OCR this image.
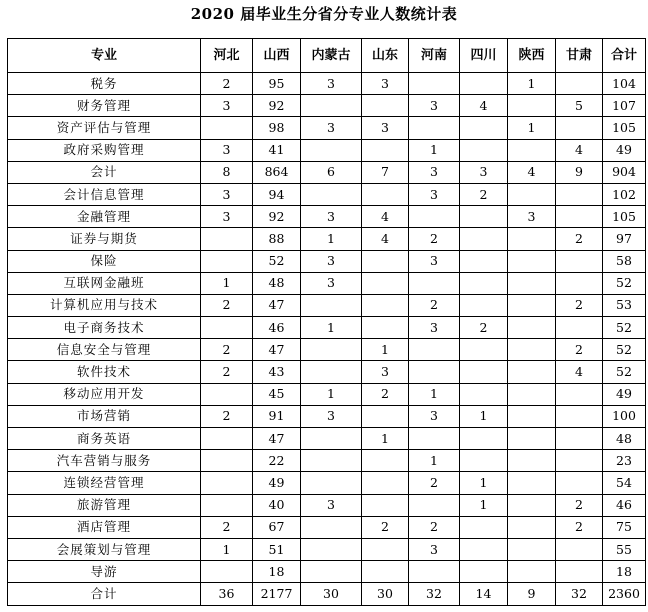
2020 届毕业生分省分专业人数统计表
专业	河北	山西	内蒙古	山东	河南	四川	陕西	甘肃	合计
税务	2	95	3	3			1		104
财务管理	3	92			3	4		5	107
资产评估与管理		98	3	3			1		105
政府采购管理	3	41			1			4	49
会计	8	864	6	7	3	3	4	9	904
会计信息管理	3	94			3	2			102
金融管理	3	92	3	4			3		105
证券与期货		88	1	4	2			2	97
保险		52	3		3				58
互联网金融班	1	48	3						52
计算机应用与技术	2	47			2			2	53
电子商务技术		46	1		3	2			52
信息安全与管理	2	47		1				2	52
软件技术	2	43		3				4	52
移动应用开发		45	1	2	1				49
市场营销	2	91	3		3	1			100
商务英语		47		1					48
汽车营销与服务		22			1				23
连锁经营管理		49			2	1			54
旅游管理		40	3			1		2	46
酒店管理	2	67		2	2			2	75
会展策划与管理	1	51			3				55
导游		18							18
合计	36	2177	30	30	32	14	9	32	2360
